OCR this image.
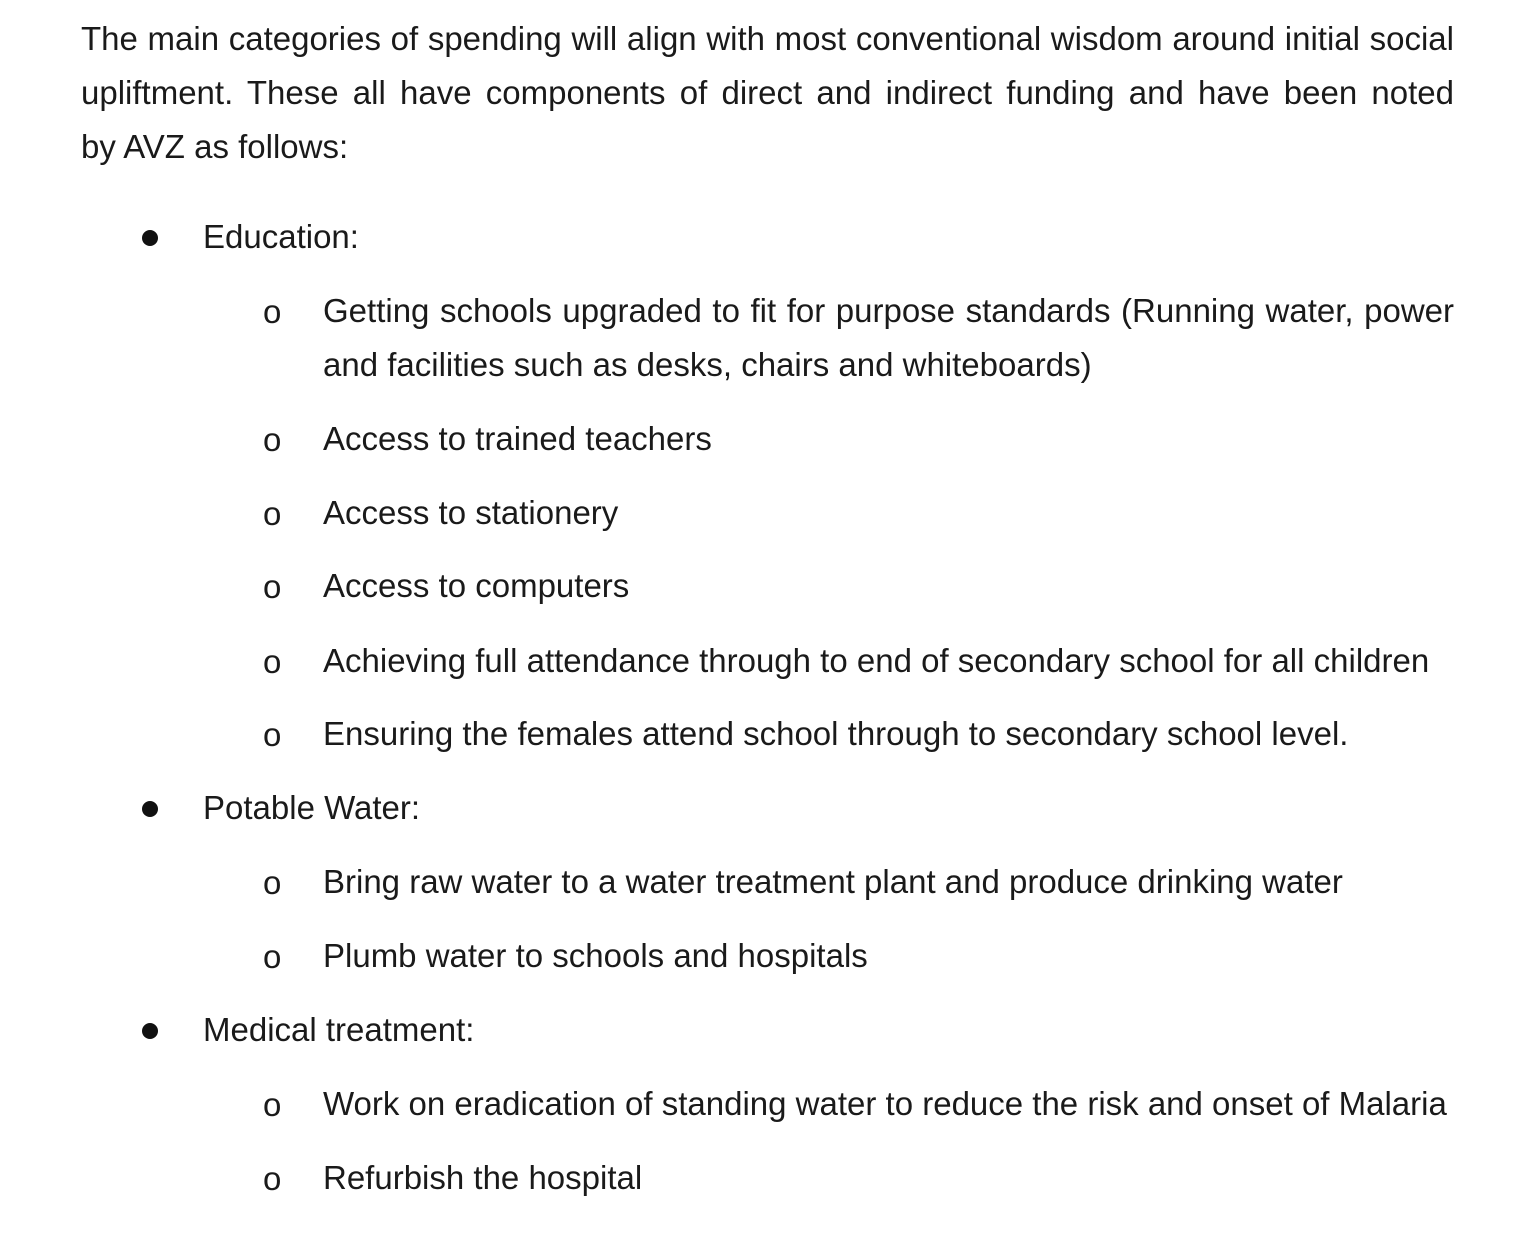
The main categories of spending will align with most conventional wisdom around initial social
upliftment. These all have components of direct and indirect funding and have been noted
by AVZ as follows:

Education:
o Getting schools upgraded to fit for purpose standards (Running water, power and facilities such as desks, chairs and whiteboards)
o Access to trained teachers
o Access to stationery
o Access to computers
o Achieving full attendance through to end of secondary school for all children
o Ensuring the females attend school through to secondary school level.
Potable Water:
o Bring raw water to a water treatment plant and produce drinking water
o Plumb water to schools and hospitals
Medical treatment:
o Work on eradication of standing water to reduce the risk and onset of Malaria
o Refurbish the hospital
